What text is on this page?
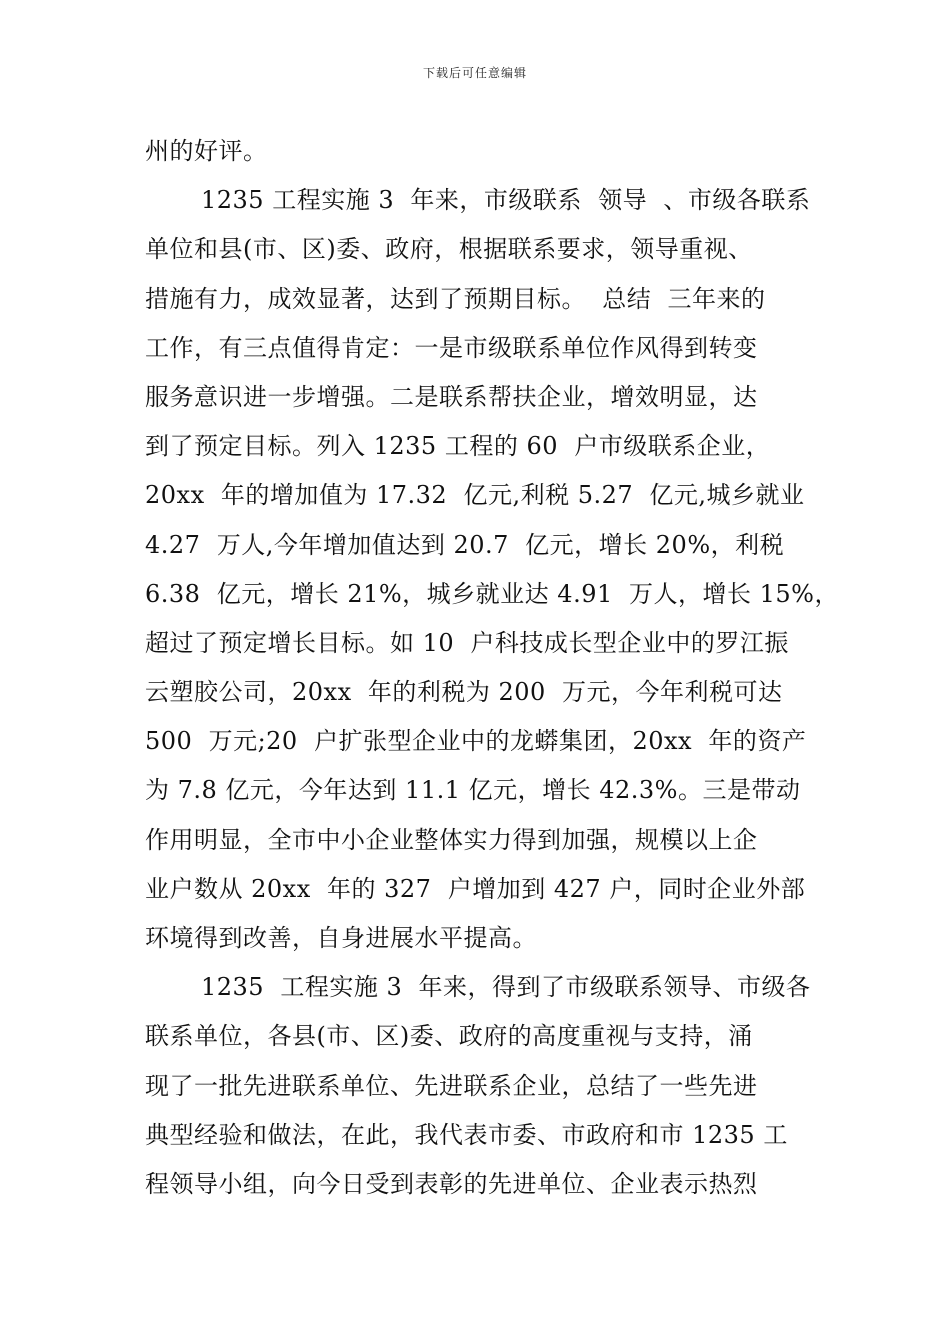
下载后可任意编辑
州的好评。
1235 工程实施 3  年来，市级联系  领导  、市级各联系
单位和县(市、区)委、政府，根据联系要求，领导重视、
措施有力，成效显著，达到了预期目标。  总结  三年来的
工作，有三点值得肯定：一是市级联系单位作风得到转变
服务意识进一步增强。二是联系帮扶企业，增效明显，达
到了预定目标。列入 1235 工程的 60  户市级联系企业，
20xx  年的增加值为 17.32  亿元,利税 5.27  亿元,城乡就业
4.27  万人,今年增加值达到 20.7  亿元，增长 20%，利税
6.38  亿元，增长 21%，城乡就业达 4.91  万人，增长 15%，
超过了预定增长目标。如 10  户科技成长型企业中的罗江振
云塑胶公司，20xx  年的利税为 200  万元，今年利税可达
500  万元;20  户扩张型企业中的龙蟒集团，20xx  年的资产
为 7.8 亿元，今年达到 11.1 亿元，增长 42.3%。三是带动
作用明显，全市中小企业整体实力得到加强，规模以上企
业户数从 20xx  年的 327  户增加到 427 户，同时企业外部
环境得到改善，自身进展水平提高。
1235  工程实施 3  年来，得到了市级联系领导、市级各
联系单位，各县(市、区)委、政府的高度重视与支持，涌
现了一批先进联系单位、先进联系企业，总结了一些先进
典型经验和做法，在此，我代表市委、市政府和市 1235 工
程领导小组，向今日受到表彰的先进单位、企业表示热烈
